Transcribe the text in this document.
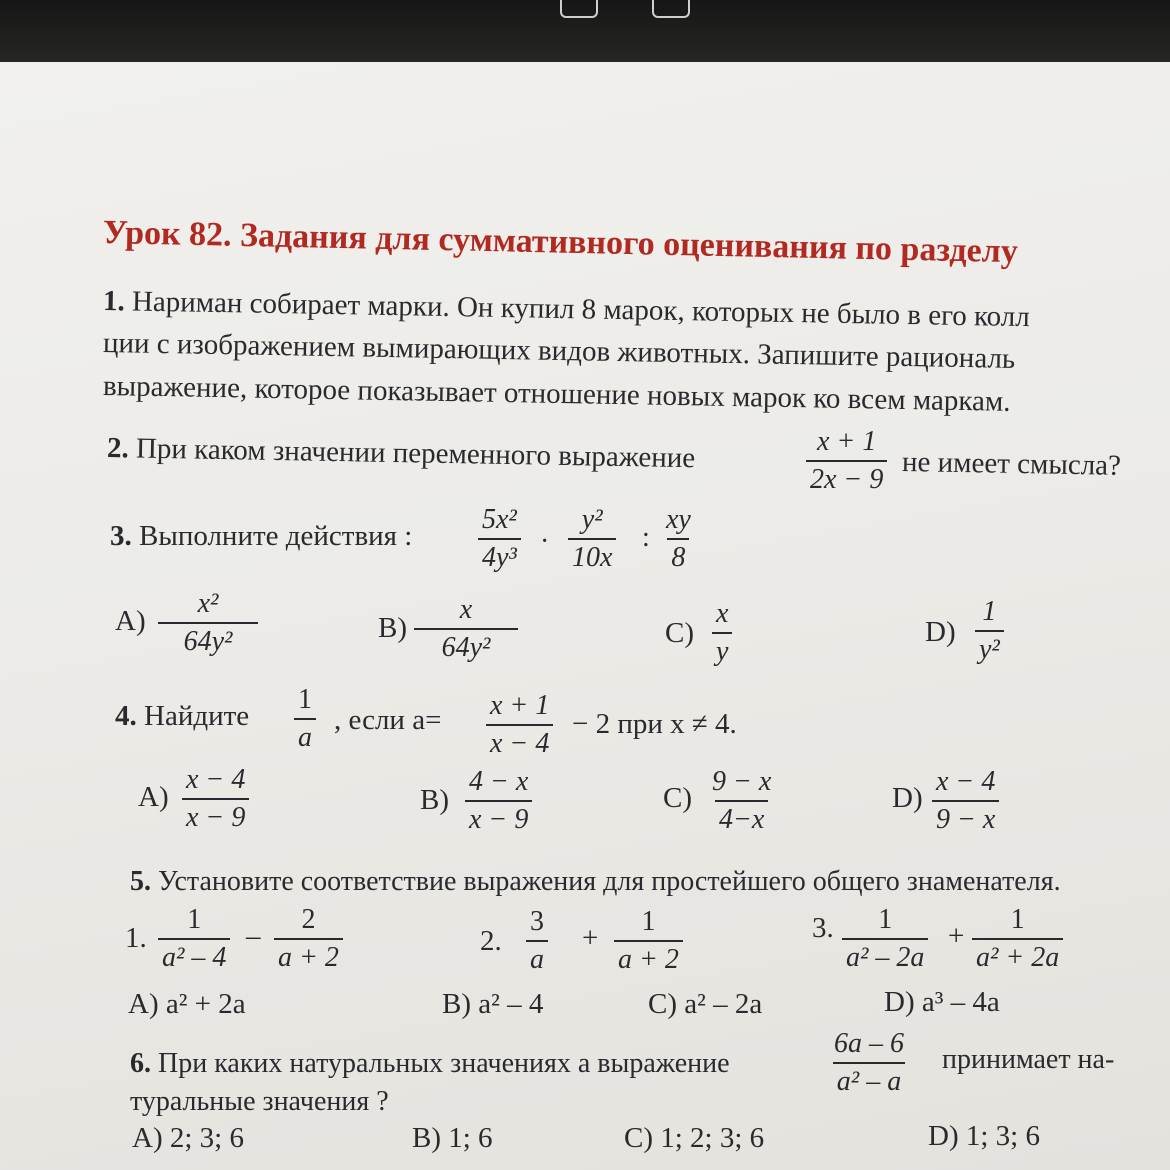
Урок 82. Задания для суммативного оценивания по разделу
1. Нариман собирает марки. Он купил 8 марок, которых не было в его колл
ции с изображением вымирающих видов животных. Запишите рациональ
выражение, которое показывает отношение новых марок ко всем маркам.
2. При каком значении переменного выражение	$\frac{x + 1}{2x - 9}$ не имеет смысла?
3. Выполните действия : $\frac{\text{5x²}}{\text{4y³}} \cdot \frac{\text{y²}}{10x}$ : $\frac{xy}{8}$
$A) \frac{\text{x²}}{\text{64y²}}$	$B) \frac{x}{\text{64y²}}$	$C) \frac{x}{y}$	$D) \frac{1}{\text{y²}}$
4. Найдите $\frac{1}{a}$ , если $a= \frac{x + 1}{x - 4} - 2$ при x ≠ 4.
$A) \frac{x - 4}{x - 9}$	$B) \frac{4 - x}{x - 9}$	$C) \frac{9 - x}{4-x}$	$D) \frac{x - 4}{9 - x}$
5. Установите соответствие выражения для простейшего общего знаменателя.
1. $\frac{1}{\text{a² – 4}} - \frac{2}{a + 2}$	2. $\frac{3}{a} + \frac{1}{a + 2}$	3. $\frac{1}{\text{a² – 2a}} + \frac{1}{\text{a² + 2a}}$
A) a² + 2a	B) a² – 4	C) a² – 2a	D) a³ – 4a
6. При каких натуральных значениях a выражение	$\frac{6a - 6}{\text{a² – a}}$ принимает на-
туральные значения ?
A) 2; 3; 6	B) 1; 6	C) 1; 2; 3; 6	D) 1; 3; 6
